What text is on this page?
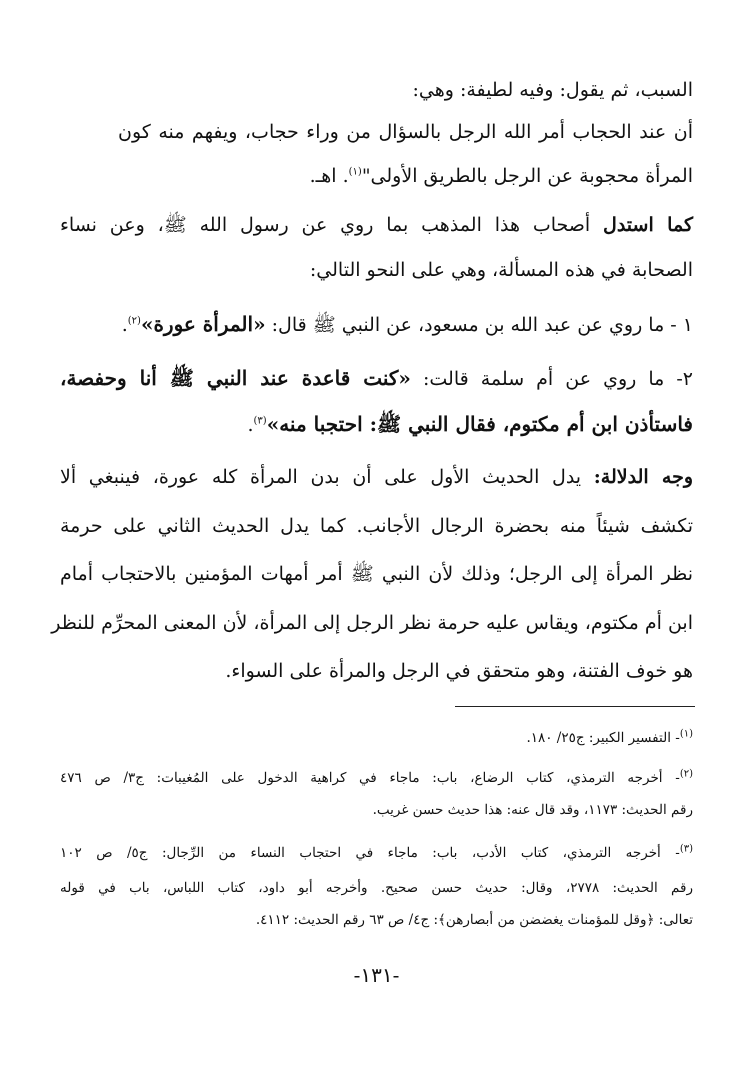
السبب، ثم يقول: وفيه لطيفة: وهي:
أن عند الحجاب أمر الله الرجل بالسؤال من وراء حجاب، ويفهم منه كون
المرأة محجوبة عن الرجل بالطريق الأولى"$^{(١)}$. اهـ.
كما استدل أصحاب هذا المذهب بما روي عن رسول الله ﷺ، وعن نساء
الصحابة في هذه المسألة، وهي على النحو التالي:
١ - ما روي عن عبد الله بن مسعود، عن النبي ﷺ قال: «المرأة عورة»$^{(٢)}$.
٢- ما روي عن أم سلمة قالت: «كنت قاعدة عند النبي ﷺ أنا وحفصة،
فاستأذن ابن أم مكتوم، فقال النبي ﷺ: احتجبا منه»$^{(٣)}$.
وجه الدلالة: يدل الحديث الأول على أن بدن المرأة كله عورة، فينبغي ألا
تكشف شيئاً منه بحضرة الرجال الأجانب. كما يدل الحديث الثاني على حرمة
نظر المرأة إلى الرجل؛ وذلك لأن النبي ﷺ أمر أمهات المؤمنين بالاحتجاب أمام
ابن أم مكتوم، ويقاس عليه حرمة نظر الرجل إلى المرأة، لأن المعنى المحرِّم للنظر
هو خوف الفتنة، وهو متحقق في الرجل والمرأة على السواء.
$^{(١)}$- التفسير الكبير: ج٢٥/ ١٨٠.
$^{(٢)}$- أخرجه الترمذي، كتاب الرضاع، باب: ماجاء في كراهية الدخول على المُغيبات: ج٣/ ص ٤٧٦
رقم الحديث: ١١٧٣، وقد قال عنه: هذا حديث حسن غريب.
$^{(٣)}$- أخرجه الترمذي، كتاب الأدب، باب: ماجاء في احتجاب النساء من الرِّجال: ج٥/ ص ١٠٢
رقم الحديث: ٢٧٧٨، وقال: حديث حسن صحيح. وأخرجه أبو داود، كتاب اللباس، باب في قوله
تعالى: ﴿وقل للمؤمنات يغضضن من أبصارهن﴾: ج٤/ ص ٦٣ رقم الحديث: ٤١١٢.
-١٣١-
